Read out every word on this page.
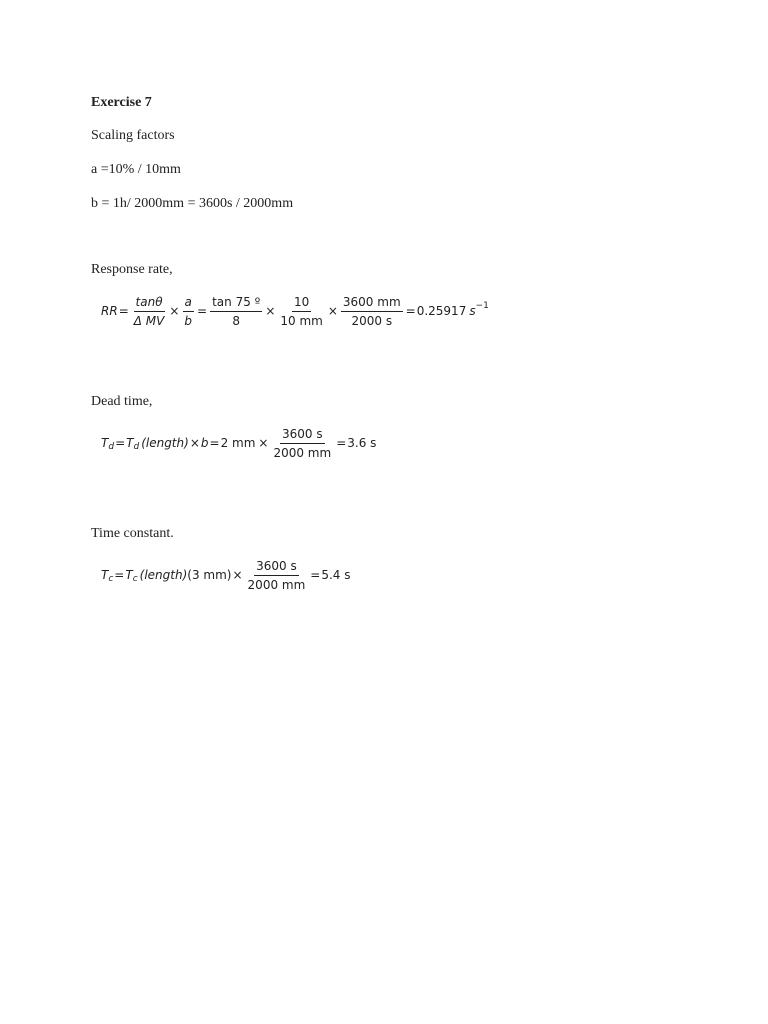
Exercise 7
Scaling factors
a =10% / 10mm
b = 1h/ 2000mm = 3600s / 2000mm
Response rate,
RR = $\frac{\tan\theta}{\text{Δ MV}} \times \frac{a}{b} = \frac{\text{tan 75 º}}{8} \times \frac{10}{10 mm} \times \frac{3600 mm}{2000 s} = 0.25917$ s −1
Dead time,
T d = T d (length) × b = 2 mm × $\frac{3600 s}{2000 mm} = 3.6$ s
Time constant.
T c = T c (length) (3 $mm) \times \frac{3600 s}{2000 mm} = 5.4$ s
